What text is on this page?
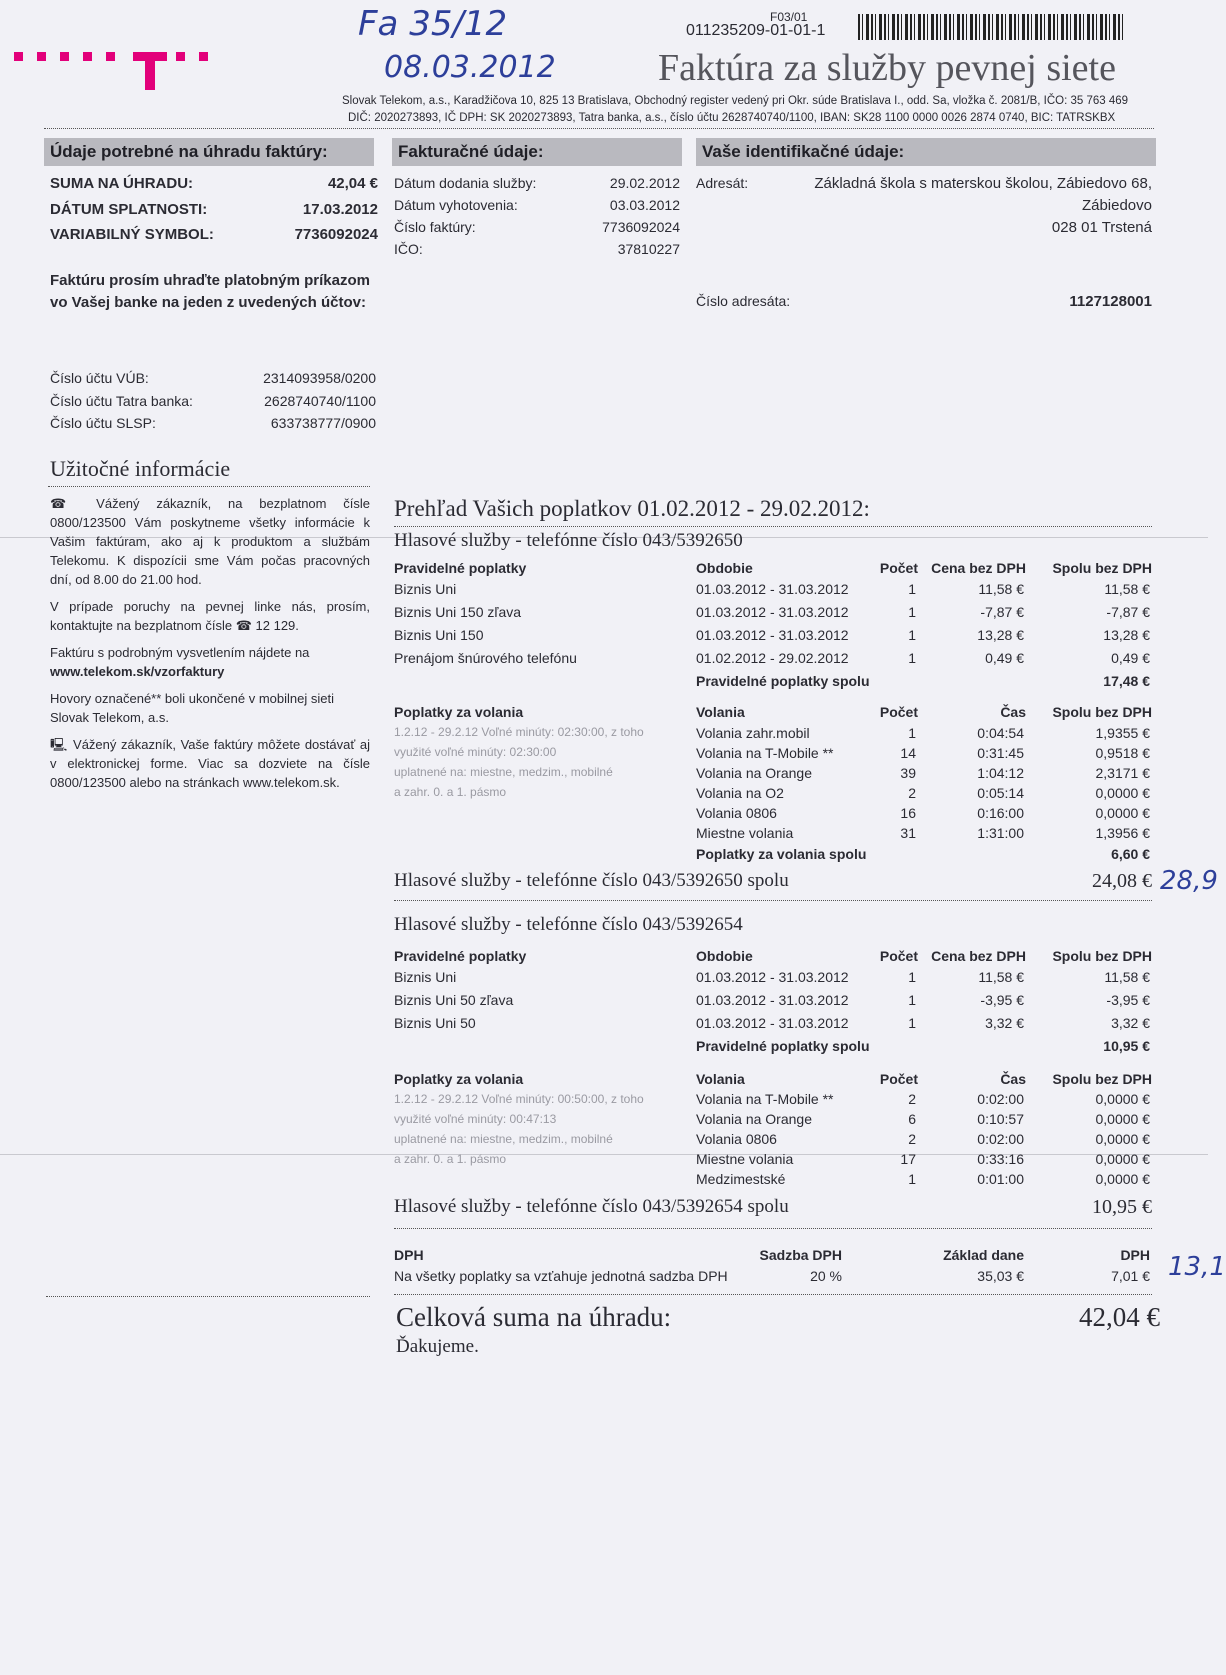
Fa 35/12
08.03.2012
28,9
13,1
F03/01
011235209-01-01-1
Faktúra za služby pevnej siete
Slovak Telekom, a.s., Karadžičova 10, 825 13 Bratislava, Obchodný register vedený pri Okr. súde Bratislava I., odd. Sa, vložka č. 2081/B, IČO: 35 763 469
DIČ: 2020273893, IČ DPH: SK 2020273893, Tatra banka, a.s., číslo účtu 2628740740/1100, IBAN: SK28 1100 0000 0026 2874 0740, BIC: TATRSKBX
Údaje potrebné na úhradu faktúry:	Fakturačné údaje:	Vaše identifikačné údaje:
SUMA NA ÚHRADU:	42,04 €
DÁTUM SPLATNOSTI:	17.03.2012
VARIABILNÝ SYMBOL:	7736092024
Faktúru prosím uhraďte platobným príkazom vo Vašej banke na jeden z uvedených účtov:
Číslo účtu VÚB:	2314093958/0200
Číslo účtu Tatra banka:	2628740740/1100
Číslo účtu SLSP:	633738777/0900
Dátum dodania služby:	29.02.2012
Dátum vyhotovenia:	03.03.2012
Číslo faktúry:	7736092024
IČO:	37810227
Adresát:	Základná škola s materskou školou, Zábiedovo 68,
Zábiedovo
028 01 Trstená
Číslo adresáta:	1127128001
Užitočné informácie
☎ Vážený zákazník, na bezplatnom čísle 0800/123500 Vám poskytneme všetky informácie k Vašim faktúram, ako aj k produktom a službám Telekomu. K dispozícii sme Vám počas pracovných dní, od 8.00 do 21.00 hod.
V prípade poruchy na pevnej linke nás, prosím, kontaktujte na bezplatnom čísle ☎ 12 129.
Faktúru s podrobným vysvetlením nájdete na
www.telekom.sk/vzorfaktury
Hovory označené** boli ukončené v mobilnej sieti Slovak Telekom, a.s.
🖳 Vážený zákazník, Vaše faktúry môžete dostávať aj v elektronickej forme. Viac sa dozviete na čísle 0800/123500 alebo na stránkach www.telekom.sk.
Prehľad Vašich poplatkov 01.02.2012 - 29.02.2012:
Hlasové služby - telefónne číslo 043/5392650
Pravidelné poplatky	Obdobie	Počet Cena bez DPH	Spolu bez DPH
Biznis Uni	01.03.2012 - 31.03.2012	1	11,58 €	11,58 €
Biznis Uni 150 zľava	01.03.2012 - 31.03.2012	1	-7,87 €	-7,87 €
Biznis Uni 150	01.03.2012 - 31.03.2012	1	13,28 €	13,28 €
Prenájom šnúrového telefónu	01.02.2012 - 29.02.2012	1	0,49 €	0,49 €
Pravidelné poplatky spolu	17,48 €
Poplatky za volania	Volania	Počet	Čas	Spolu bez DPH
1.2.12 - 29.2.12 Voľné minúty: 02:30:00, z toho
využité voľné minúty: 02:30:00
uplatnené na: miestne, medzim., mobilné
a zahr. 0. a 1. pásmo
Volania zahr.mobil	1	0:04:54	1,9355 €
Volania na T-Mobile **	14	0:31:45	0,9518 €
Volania na Orange	39	1:04:12	2,3171 €
Volania na O2	2	0:05:14	0,0000 €
Volania 0806	16	0:16:00	0,0000 €
Miestne volania	31	1:31:00	1,3956 €
Poplatky za volania spolu	6,60 €
Hlasové služby - telefónne číslo 043/5392650 spolu	24,08 €
Hlasové služby - telefónne číslo 043/5392654
Pravidelné poplatky	Obdobie	Počet Cena bez DPH	Spolu bez DPH
Biznis Uni	01.03.2012 - 31.03.2012	1	11,58 €	11,58 €
Biznis Uni 50 zľava	01.03.2012 - 31.03.2012	1	-3,95 €	-3,95 €
Biznis Uni 50	01.03.2012 - 31.03.2012	1	3,32 €	3,32 €
Pravidelné poplatky spolu	10,95 €
Poplatky za volania	Volania	Počet	Čas	Spolu bez DPH
1.2.12 - 29.2.12 Voľné minúty: 00:50:00, z toho
využité voľné minúty: 00:47:13
uplatnené na: miestne, medzim., mobilné
a zahr. 0. a 1. pásmo
Volania na T-Mobile **	2	0:02:00	0,0000 €
Volania na Orange	6	0:10:57	0,0000 €
Volania 0806	2	0:02:00	0,0000 €
Miestne volania	17	0:33:16	0,0000 €
Medzimestské	1	0:01:00	0,0000 €
Hlasové služby - telefónne číslo 043/5392654 spolu	10,95 €
DPH	Sadzba DPH	Základ dane	DPH
Na všetky poplatky sa vzťahuje jednotná sadzba DPH	20 %	35,03 €	7,01 €
Celková suma na úhradu:	42,04 €
Ďakujeme.
